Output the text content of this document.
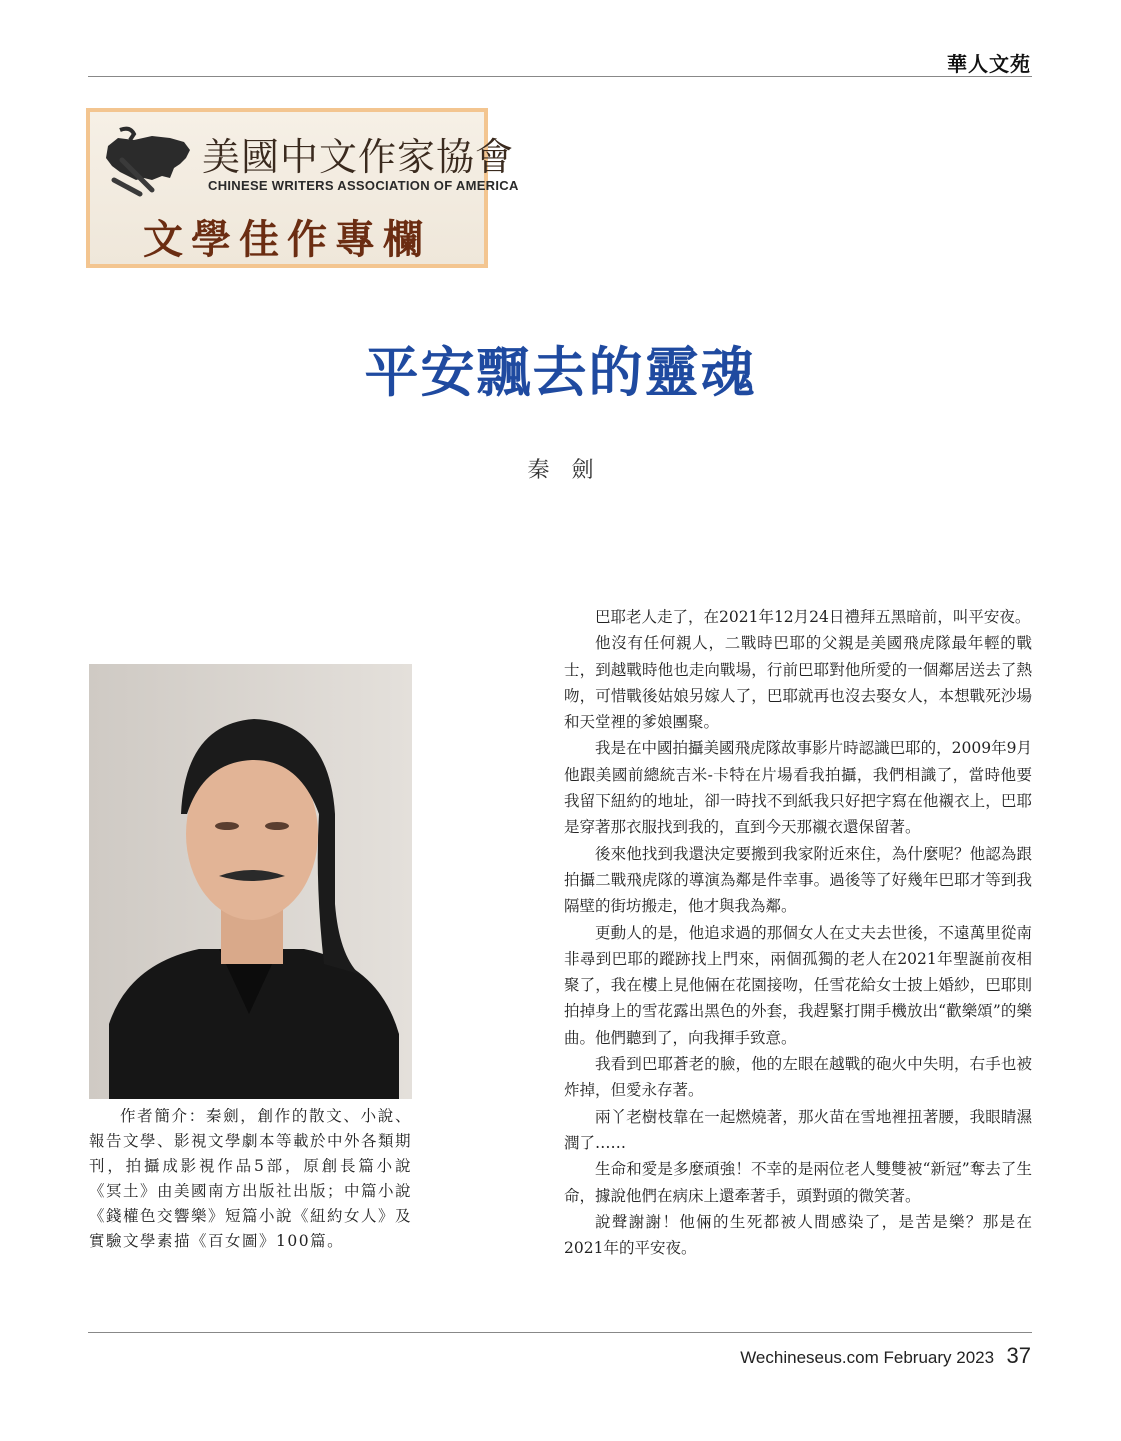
華人文苑
美國中文作家協會
CHINESE WRITERS ASSOCIATION OF AMERICA
文學佳作專欄
平安飄去的靈魂
秦劍
作者簡介：秦劍，創作的散文、小說、報告文學、影視文學劇本等載於中外各類期刊，拍攝成影視作品5部，原創長篇小說《冥土》由美國南方出版社出版；中篇小說《錢權色交響樂》短篇小說《紐約女人》及實驗文學素描《百女圖》100篇。

巴耶老人走了，在2021年12月24日禮拜五黑暗前，叫平安夜。

他沒有任何親人，二戰時巴耶的父親是美國飛虎隊最年輕的戰士，到越戰時他也走向戰場，行前巴耶對他所愛的一個鄰居送去了熱吻，可惜戰後姑娘另嫁人了，巴耶就再也沒去娶女人，本想戰死沙場和天堂裡的爹娘團聚。

我是在中國拍攝美國飛虎隊故事影片時認識巴耶的，2009年9月他跟美國前總統吉米-卡特在片場看我拍攝，我們相識了，當時他要我留下紐約的地址，卻一時找不到紙我只好把字寫在他襯衣上，巴耶是穿著那衣服找到我的，直到今天那襯衣還保留著。

後來他找到我還決定要搬到我家附近來住，為什麼呢？他認為跟拍攝二戰飛虎隊的導演為鄰是件幸事。過後等了好幾年巴耶才等到我隔壁的街坊搬走，他才與我為鄰。

更動人的是，他追求過的那個女人在丈夫去世後，不遠萬里從南非尋到巴耶的蹤跡找上門來，兩個孤獨的老人在2021年聖誕前夜相聚了，我在樓上見他倆在花園接吻，任雪花給女士披上婚紗，巴耶則拍掉身上的雪花露出黑色的外套，我趕緊打開手機放出“歡樂頌”的樂曲。他們聽到了，向我揮手致意。

我看到巴耶蒼老的臉，他的左眼在越戰的砲火中失明，右手也被炸掉，但愛永存著。

兩丫老樹枝靠在一起燃燒著，那火苗在雪地裡扭著腰，我眼睛濕潤了……

生命和愛是多麼頑強！不幸的是兩位老人雙雙被“新冠”奪去了生命，據說他們在病床上還牽著手，頭對頭的微笑著。

說聲謝謝！他倆的生死都被人間感染了，是苦是樂？那是在2021年的平安夜。

Wechineseus.com February 2023 37
